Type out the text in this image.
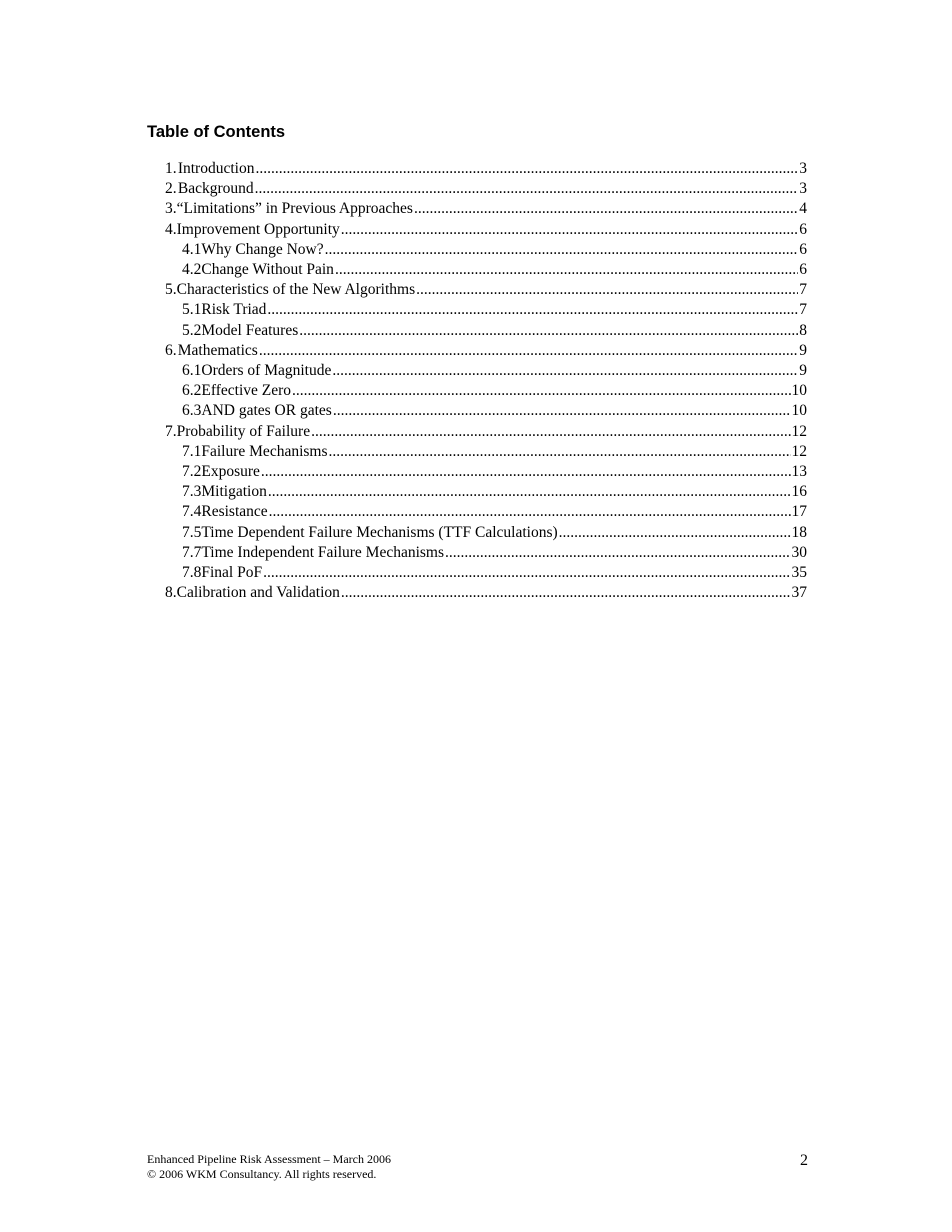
Table of Contents
1. Introduction .....	3
2. Background .....	3
3. “Limitations” in Previous Approaches .....	4
4. Improvement Opportunity .....	6
4.1 Why Change Now? .....	6
4.2 Change Without Pain .....	6
5. Characteristics of the New Algorithms .....	7
5.1 Risk Triad .....	7
5.2 Model Features .....	8
6. Mathematics .....	9
6.1 Orders of Magnitude .....	9
6.2 Effective Zero .....	10
6.3 AND gates OR gates .....	10
7. Probability of Failure .....	12
7.1 Failure Mechanisms .....	12
7.2 Exposure .....	13
7.3 Mitigation .....	16
7.4 Resistance .....	17
7.5 Time Dependent Failure Mechanisms (TTF Calculations) .....	18
7.7 Time Independent Failure Mechanisms .....	30
7.8 Final PoF .....	35
8. Calibration and Validation .....	37
Enhanced Pipeline Risk Assessment – March 2006
© 2006 WKM Consultancy. All rights reserved.
2
